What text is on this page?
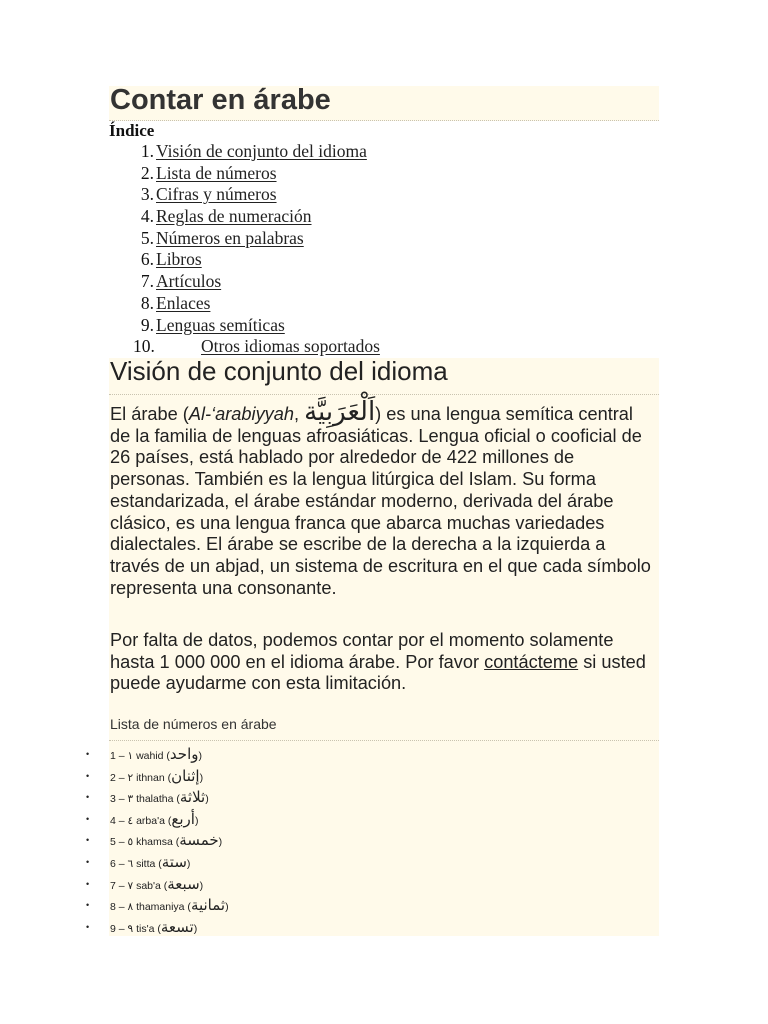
Contar en árabe

Índice

1. Visión de conjunto del idioma
2. Lista de números
3. Cifras y números
4. Reglas de numeración
5. Números en palabras
6. Libros
7. Artículos
8. Enlaces
9. Lenguas semíticas
10.	Otros idiomas soportados
Visión de conjunto del idioma

El árabe (Al-‘arabiyyah, اَلْعَرَبِيَّة) es una lengua semítica central de la familia de lenguas afroasiáticas. Lengua oficial o cooficial de 26 países, está hablado por alrededor de 422 millones de personas. También es la lengua litúrgica del Islam. Su forma estandarizada, el árabe estándar moderno, derivada del árabe clásico, es una lengua franca que abarca muchas variedades dialectales. El árabe se escribe de la derecha a la izquierda a través de un abjad, un sistema de escritura en el que cada símbolo representa una consonante.

Por falta de datos, podemos contar por el momento solamente hasta 1 000 000 en el idioma árabe. Por favor contácteme si usted puede ayudarme con esta limitación.

Lista de números en árabe
• 1 – ١ wahid (واحد)
• 2 – ٢ ithnan (إثنان)
• 3 – ٣ thalatha (ثلاثة)
• 4 – ٤ arba'a (أربع)
• 5 – ٥ khamsa (خمسة)
• 6 – ٦ sitta (ستة)
• 7 – ٧ sab'a (سبعة)
• 8 – ٨ thamaniya (ثمانية)
• 9 – ٩ tis'a (تسعة)
